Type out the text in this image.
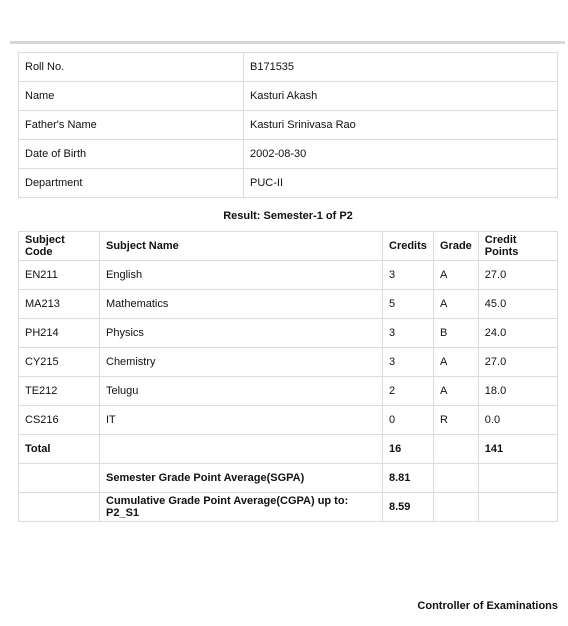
Roll No.	B171535
Name	Kasturi Akash
Father's Name	Kasturi Srinivasa Rao
Date of Birth	2002-08-30
Department	PUC-II
Result: Semester-1 of P2
Subject Code	Subject Name	Credits	Grade	Credit Points
EN211	English	3	A	27.0
MA213	Mathematics	5	A	45.0
PH214	Physics	3	B	24.0
CY215	Chemistry	3	A	27.0
TE212	Telugu	2	A	18.0
CS216	IT	0	R	0.0
Total		16		141
	Semester Grade Point Average(SGPA)	8.81		
	Cumulative Grade Point Average(CGPA) up to: P2_S1	8.59		
Controller of Examinations
